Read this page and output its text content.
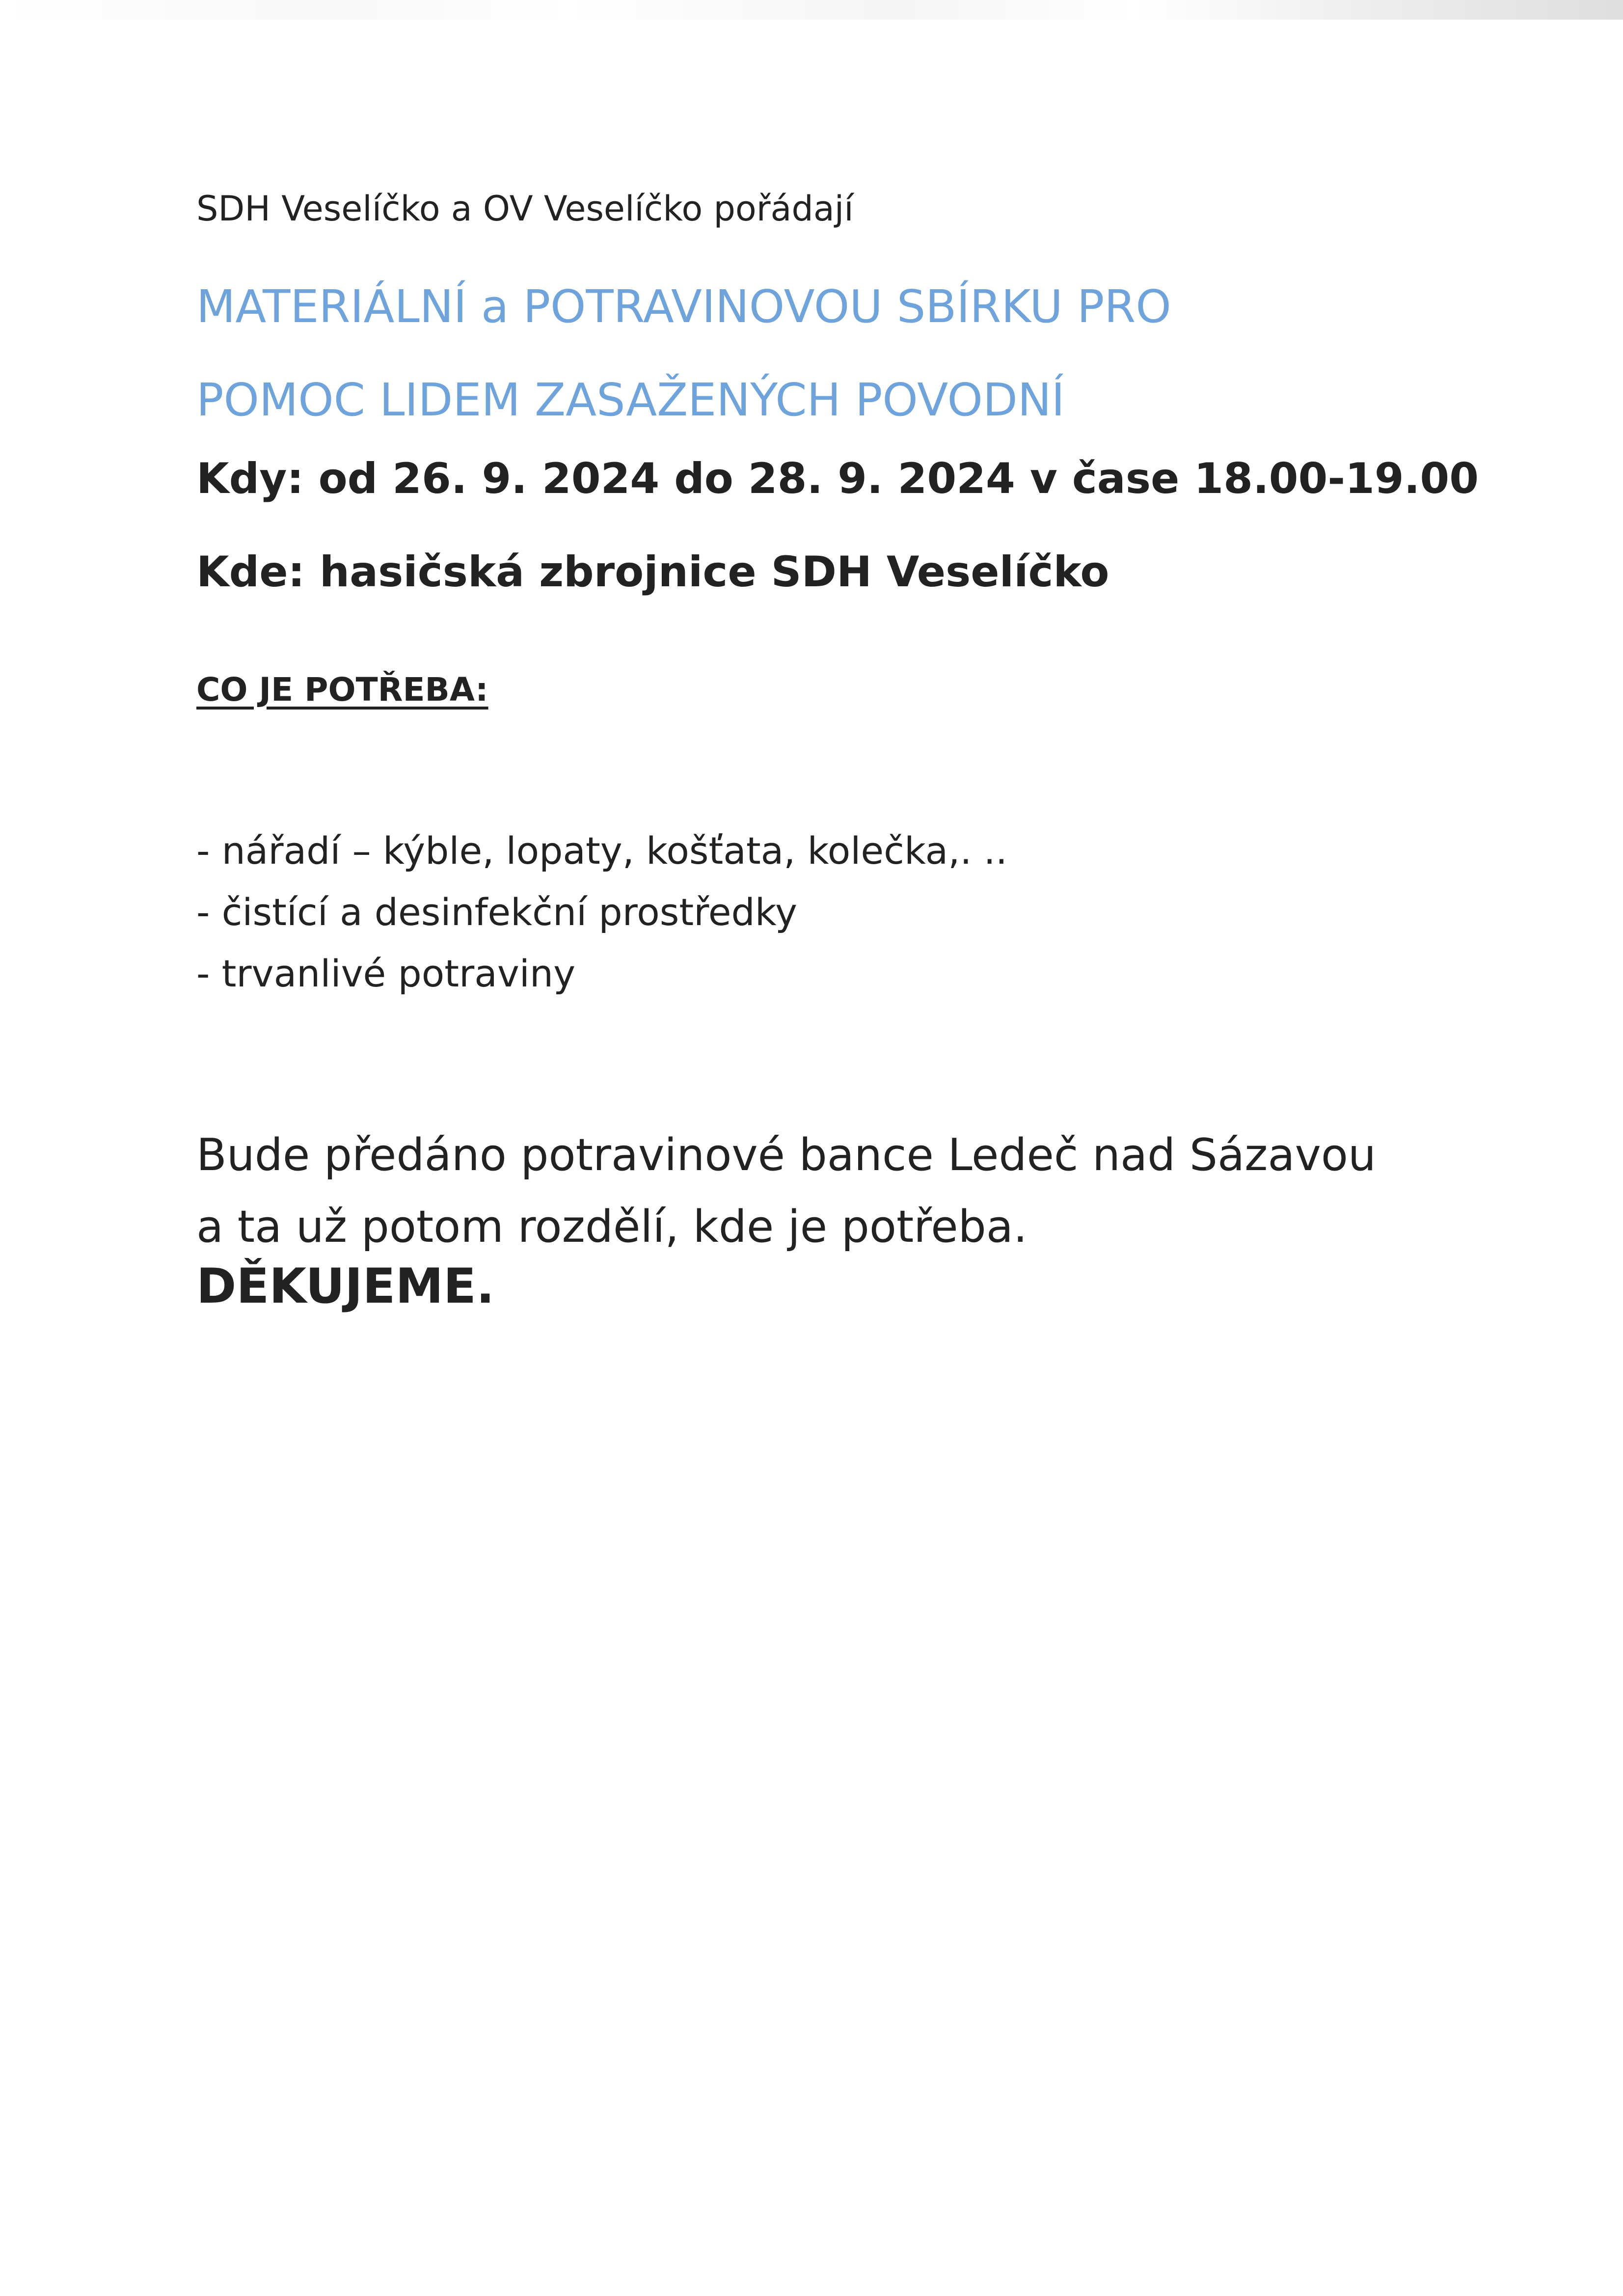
SDH Veselíčko a OV Veselíčko pořádají
MATERIÁLNÍ a POTRAVINOVOU SBÍRKU PRO
POMOC LIDEM ZASAŽENÝCH POVODNÍ
Kdy: od 26. 9. 2024 do 28. 9. 2024 v čase 18.00-19.00
Kde: hasičská zbrojnice SDH Veselíčko
CO JE POTŘEBA:
- nářadí – kýble, lopaty, košťata, kolečka,. ..
- čistící a desinfekční prostředky
- trvanlivé potraviny
Bude předáno potravinové bance Ledeč nad Sázavou
a ta už potom rozdělí, kde je potřeba.
DĚKUJEME.
